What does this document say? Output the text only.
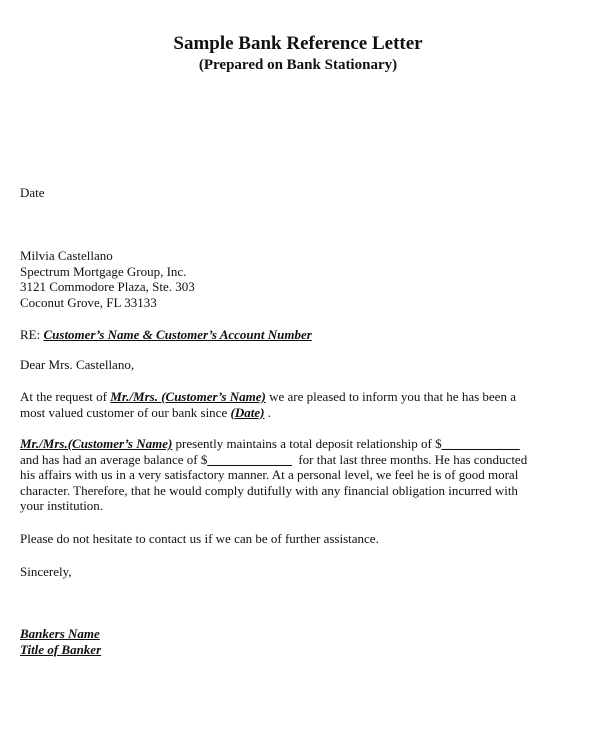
Sample Bank Reference Letter
(Prepared on Bank Stationary)
Date
Milvia Castellano
Spectrum Mortgage Group, Inc.
3121 Commodore Plaza, Ste. 303
Coconut Grove, FL 33133
RE: Customer’s Name & Customer’s Account Number
Dear Mrs. Castellano,
At the request of Mr./Mrs. (Customer’s Name) we are pleased to inform you that he has been a
most valued customer of our bank since (Date) .
Mr./Mrs.(Customer’s Name) presently maintains a total deposit relationship of $____________
and has had an average balance of $_____________  for that last three months. He has conducted
his affairs with us in a very satisfactory manner. At a personal level, we feel he is of good moral
character. Therefore, that he would comply dutifully with any financial obligation incurred with
your institution.
Please do not hesitate to contact us if we can be of further assistance.
Sincerely,
Bankers Name
Title of Banker
